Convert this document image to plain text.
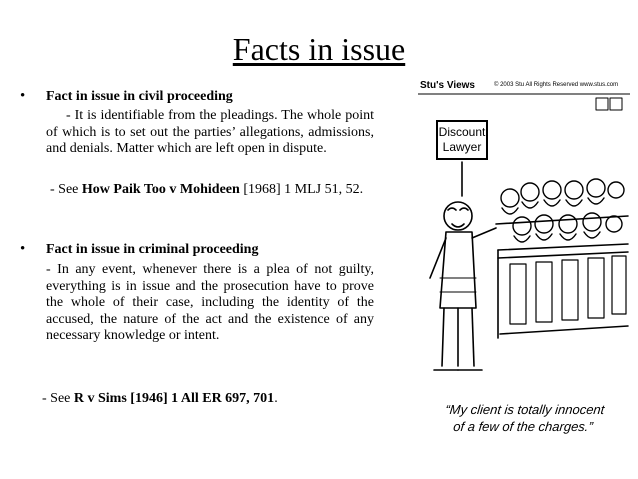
Facts in issue
• Fact in issue in civil proceeding
- It is identifiable from the pleadings. The whole point of which is to set out the parties’ allegations, admissions, and denials. Matter which are left open in dispute.
- See How Paik Too v Mohideen [1968] 1 MLJ 51, 52.
• Fact in issue in criminal proceeding
- In any event, whenever there is a plea of not guilty, everything is in issue and the prosecution have to prove the whole of their case, including the identity of the accused, the nature of the act and the existence of any necessary knowledge or intent.
- See R v Sims [1946] 1 All ER 697, 701.
Stu's Views	© 2003 Stu All Rights Reserved www.stus.com
Discount
Lawyer
“My client is totally innocent
of a few of the charges.”
